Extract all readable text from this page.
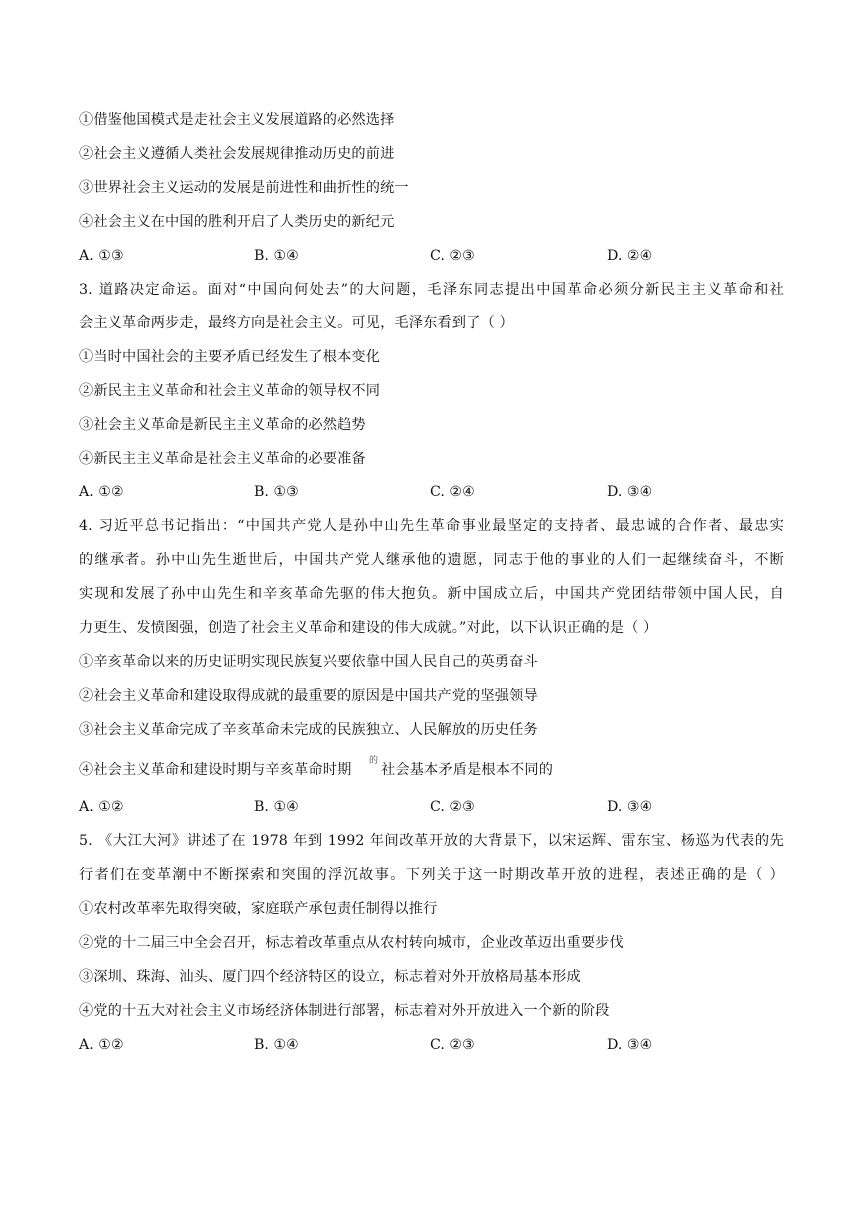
①借鉴他国模式是走社会主义发展道路的必然选择
②社会主义遵循人类社会发展规律推动历史的前进
③世界社会主义运动的发展是前进性和曲折性的统一
④社会主义在中国的胜利开启了人类历史的新纪元
A. ①③	B. ①④	C. ②③	D. ②④
3. 道路决定命运。面对“中国向何处去”的大问题，毛泽东同志提出中国革命必须分新民主主义革命和社
会主义革命两步走，最终方向是社会主义。可见，毛泽东看到了（ ）
①当时中国社会的主要矛盾已经发生了根本变化
②新民主主义革命和社会主义革命的领导权不同
③社会主义革命是新民主主义革命的必然趋势
④新民主主义革命是社会主义革命的必要准备
A. ①②	B. ①③	C. ②④	D. ③④
4. 习近平总书记指出：“中国共产党人是孙中山先生革命事业最坚定的支持者、最忠诚的合作者、最忠实
的继承者。孙中山先生逝世后，中国共产党人继承他的遗愿，同志于他的事业的人们一起继续奋斗，不断
实现和发展了孙中山先生和辛亥革命先驱的伟大抱负。新中国成立后，中国共产党团结带领中国人民，自
力更生、发愤图强，创造了社会主义革命和建设的伟大成就。”对此，以下认识正确的是（ ）
①辛亥革命以来的历史证明实现民族复兴要依靠中国人民自己的英勇奋斗
②社会主义革命和建设取得成就的最重要的原因是中国共产党的坚强领导
③社会主义革命完成了辛亥革命未完成的民族独立、人民解放的历史任务
④社会主义革命和建设时期与辛亥革命时期
的
社会基本矛盾是根本不同的
A. ①②	B. ①④	C. ②③	D. ③④
5. 《大江大河》讲述了在 1978 年到 1992 年间改革开放的大背景下，以宋运辉、雷东宝、杨巡为代表的先
行者们在变革潮中不断探索和突围的浮沉故事。下列关于这一时期改革开放的进程，表述正确的是（ ）
①农村改革率先取得突破，家庭联产承包责任制得以推行
②党的十二届三中全会召开，标志着改革重点从农村转向城市，企业改革迈出重要步伐
③深圳、珠海、汕头、厦门四个经济特区的设立，标志着对外开放格局基本形成
④党的十五大对社会主义市场经济体制进行部署，标志着对外开放进入一个新的阶段
A. ①②	B. ①④	C. ②③	D. ③④
